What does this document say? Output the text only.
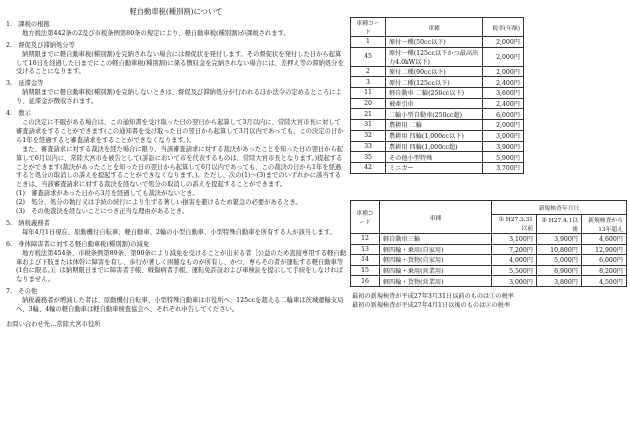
軽自動車税(種別割)について
1.　課税の根拠
地方税法第442条の2及び市税条例第80条の規定により、軽自動車税(種別割)が課税されます。
2.　督促及び滞納処分等
納期限までに軽自動車税(種別割)を完納されない場合には督促状を発付します。その督促状を発付した日から起算して10日を経過した日までにこの軽自動車税(種別割)に係る徴収金を完納されない場合には、差押え等の滞納処分を受けることになります。
3.　延滞金等
納期限までに軽自動車税(種別割)を完納しないときは、督促及び滞納処分が行われるほか法令の定めるところにより、延滞金が徴収されます。
4.　教示
この決定に不服がある場合は、この通知書を受け取った日の翌日から起算して3月以内に、常陸大宮市長に対して審査請求をすることができます(この通知書を受け取った日の翌日から起算して3月以内であっても、この決定の日から1年を経過すると審査請求をすることができなくなります。)。
また、審査請求に対する裁決を経た場合に限り、当該審査請求に対する裁決があったことを知った日の翌日から起算して6月以内に、常陸大宮市を被告として(訴訟において市を代表するものは、常陸大宮市長となります。)提起することができます(裁決があったことを知った日の翌日から起算して6月以内であっても、この裁決の日から1年を経過すると処分の取消しの訴えを提起することができなくなります。)。ただし、次の(1)～(3)までのいずれかに該当するときは、当該審査請求に対する裁決を経ないで処分の取消しの訴えを提起することができます。
(1)　審査請求があった日から3月を経過しても裁決がないとき。
(2)　処分、処分の執行又は手続の続行により生ずる著しい損害を避けるため緊急の必要があるとき。
(3)　その他裁決を経ないことにつき正当な理由があるとき。
5.　納税義務者
毎年4月1日現在、原動機付自転車、軽自動車、2輪の小型自動車、小型特殊自動車を所有する人が該当します。
6.　身体障害者に対する軽自動車税(種別割)の減免
地方税法第454条、市税条例第89条、第90条により減免を受けることが出来る者［公益のため直接専用する軽自動車および下肢または体幹に障害を有し、歩行が著しく困難なものが所有し、かつ、専らその者が運転する軽自動車等(1台に限る。)］は納期限日までに障害者手帳、戦傷病者手帳、運転免許証および車検証を提示して手続をしなければなりません。
7.　その他
納税義務者が増減した者は、原動機付自転車、小型特殊自動車は市役所へ、125ccを超える二輪車は茨城運輸支局へ、3輪、4輪の軽自動車は軽自動車検査協会へ、それぞれ申告してください。
お問い合わせ先…常陸大宮市役所
車種コード	車種	税率(年額)
1	原付一種(50cc以下)	2,000円
45	原付一種(125cc以下かつ最高出力4.0kW以下)	2,000円
2	原付二種(90cc以下)	2,000円
3	原付二種(125cc以下)	2,400円
11	軽自動車 二輪(250cc以下)	3,600円
20	被牽引車	2,400円
21	二輪小型自動車(250cc超)	6,000円
31	農耕用 二輪	2,000円
32	農耕用 四輪(1,000cc以下)	3,000円
33	農耕用 四輪(1,000cc超)	3,900円
35	その他小型特殊	5,900円
42	ミニカー	3,700円
車種コード	車種	新規検査年月日		
		① H27.3.31以前	② H27.4.1以後	新規検査から13年超え
12	軽自動車三輪	3,100円	3,900円	4,600円
13	軽四輪・乗用(自家用)	7,200円	10,800円	12,900円
14	軽四輪・貨物(自家用)	4,000円	5,000円	6,000円
15	軽四輪・乗用(営業用)	5,500円	6,900円	8,200円
16	軽四輪・貨物(営業用)	3,000円	3,800円	4,500円
最初の新規検査が平成27年3月31日以前のものは①の税率
最初の新規検査が平成27年4月1日以後のものは②の税率
